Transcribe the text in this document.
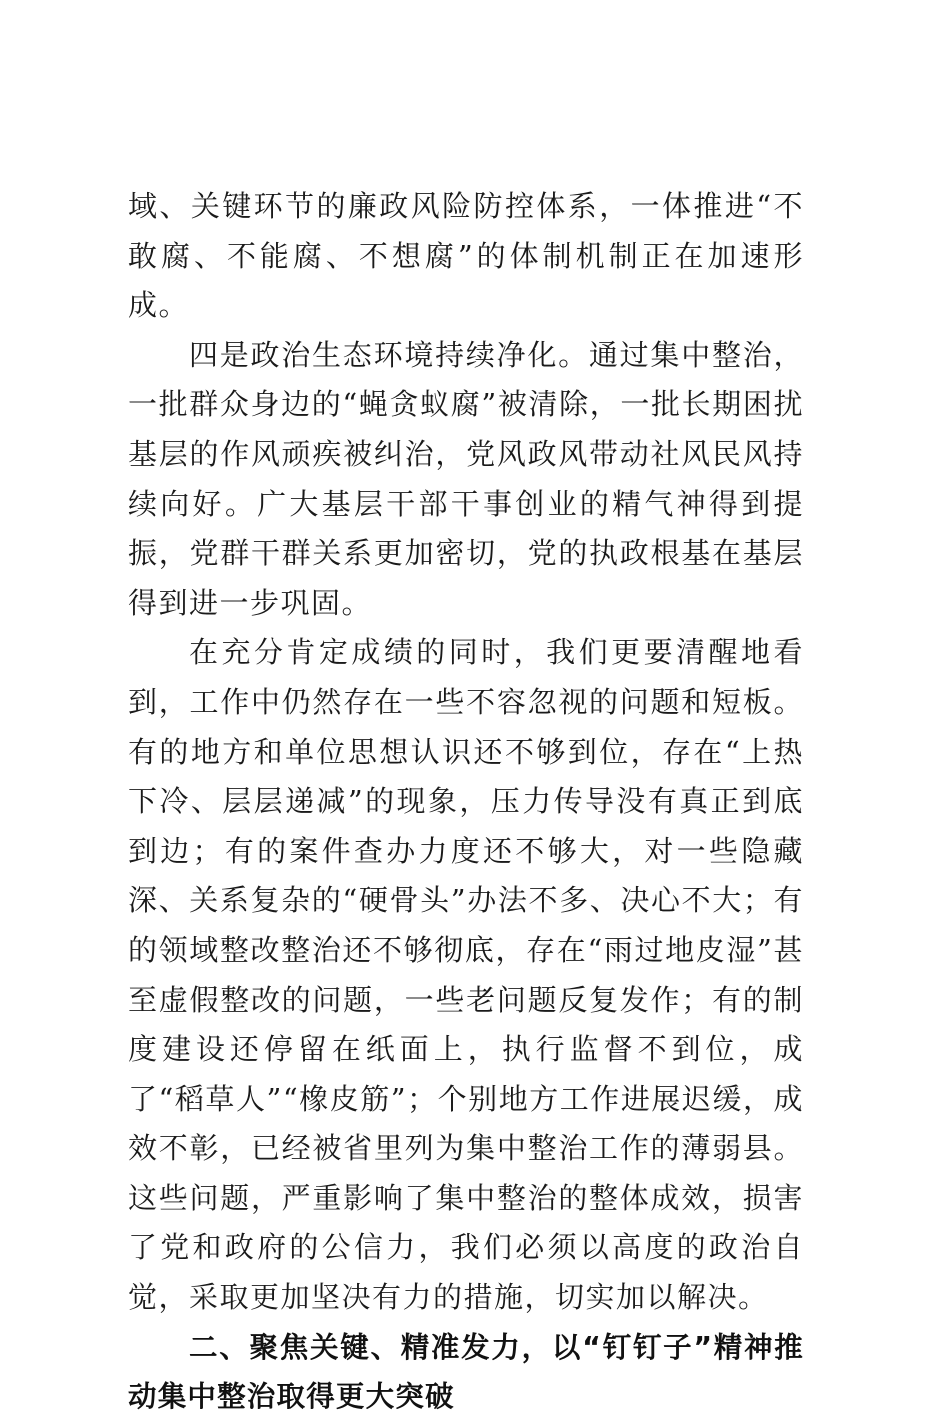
域、关键环节的廉政风险防控体系，一体推进“不敢腐、不能腐、不想腐”的体制机制正在加速形成。

四是政治生态环境持续净化。通过集中整治，一批群众身边的“蝇贪蚁腐”被清除，一批长期困扰基层的作风顽疾被纠治，党风政风带动社风民风持续向好。广大基层干部干事创业的精气神得到提振，党群干群关系更加密切，党的执政根基在基层得到进一步巩固。

在充分肯定成绩的同时，我们更要清醒地看到，工作中仍然存在一些不容忽视的问题和短板。有的地方和单位思想认识还不够到位，存在“上热下冷、层层递减”的现象，压力传导没有真正到底到边；有的案件查办力度还不够大，对一些隐藏深、关系复杂的“硬骨头”办法不多、决心不大；有的领域整改整治还不够彻底，存在“雨过地皮湿”甚至虚假整改的问题，一些老问题反复发作；有的制度建设还停留在纸面上，执行监督不到位，成了“稻草人”“橡皮筋”；个别地方工作进展迟缓，成效不彰，已经被省里列为集中整治工作的薄弱县。这些问题，严重影响了集中整治的整体成效，损害了党和政府的公信力，我们必须以高度的政治自觉，采取更加坚决有力的措施，切实加以解决。

二、聚焦关键、精准发力，以“钉钉子”精神推动集中整治取得更大突破
